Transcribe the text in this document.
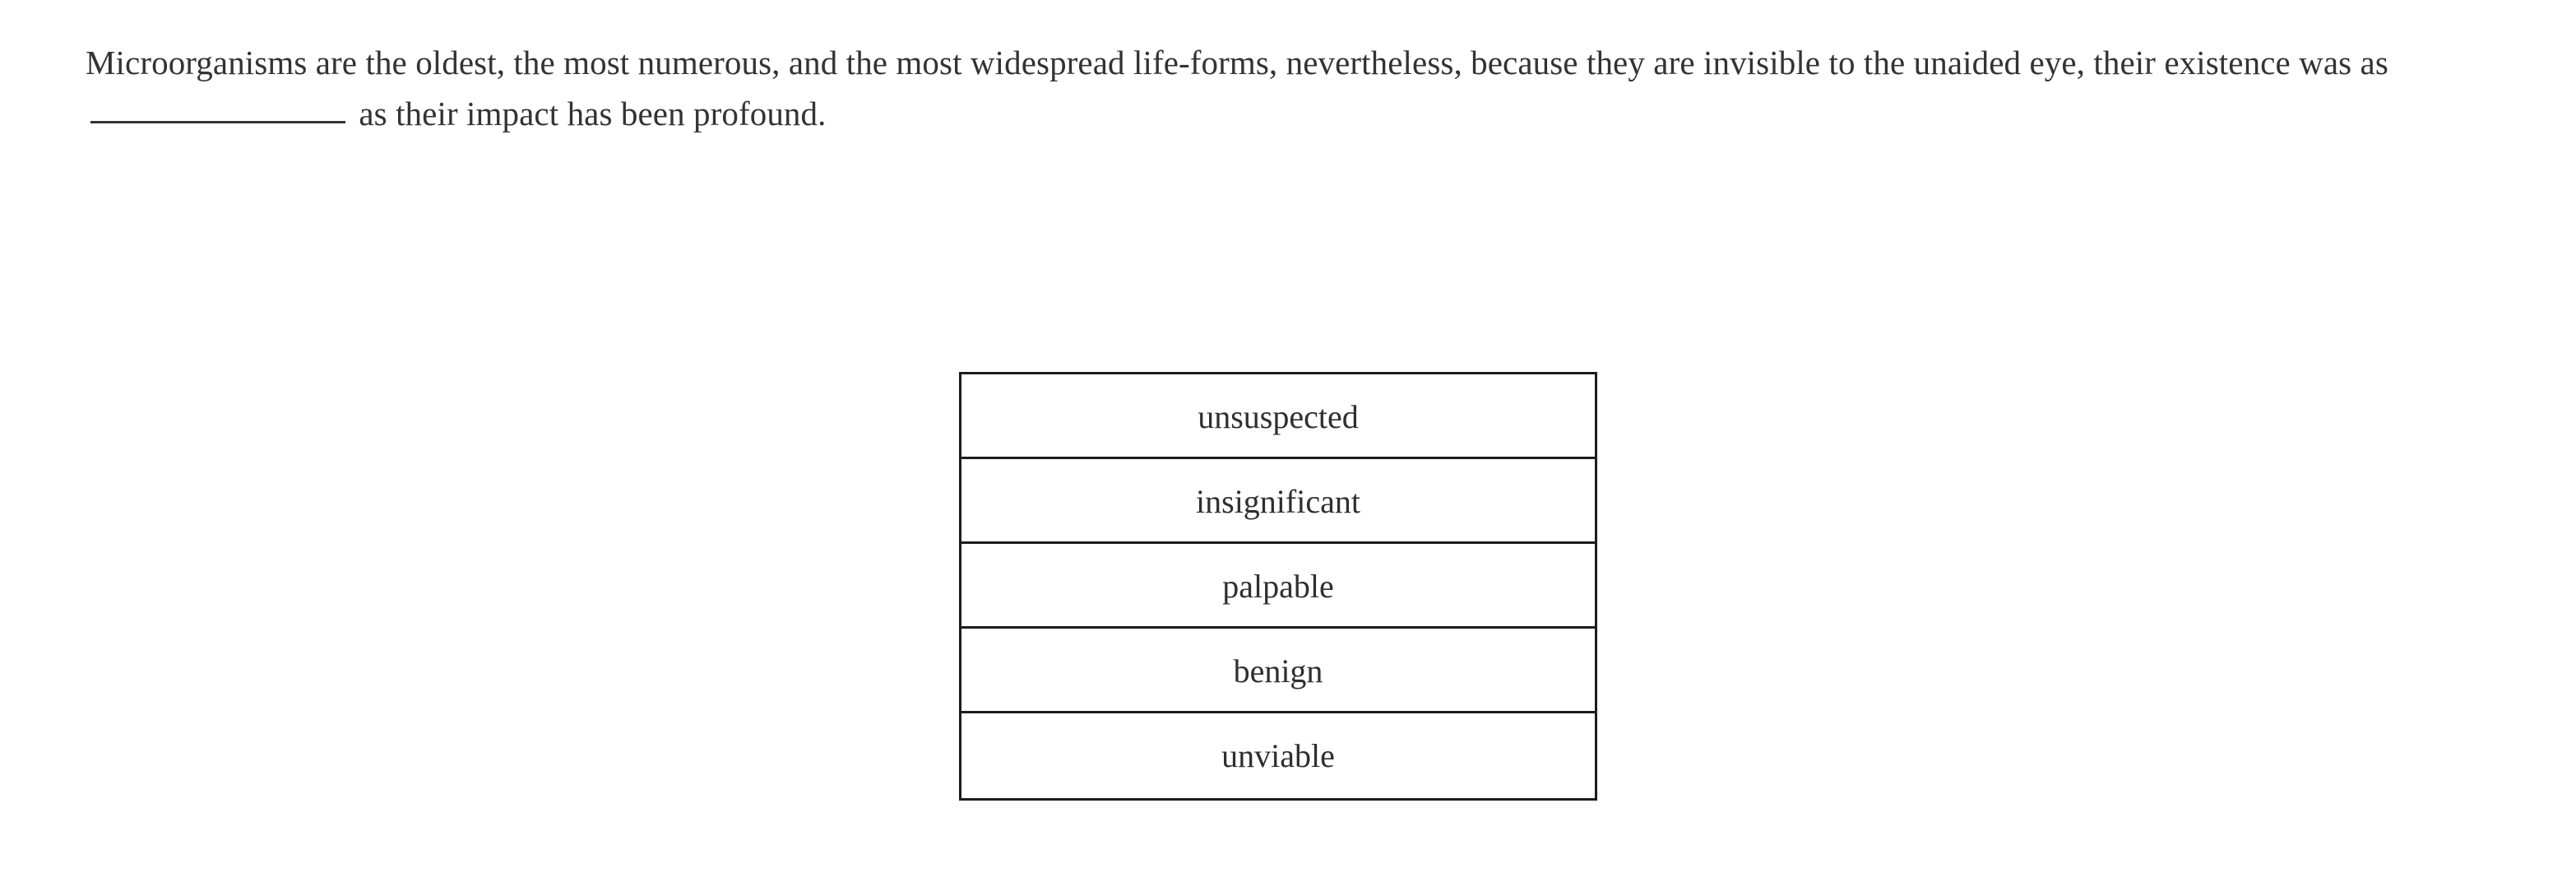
Microorganisms are the oldest, the most numerous, and the most widespread life-forms, nevertheless, because they are invisible to the unaided eye, their existence was as  as their impact has been profound.
unsuspected
insignificant
palpable
benign
unviable
